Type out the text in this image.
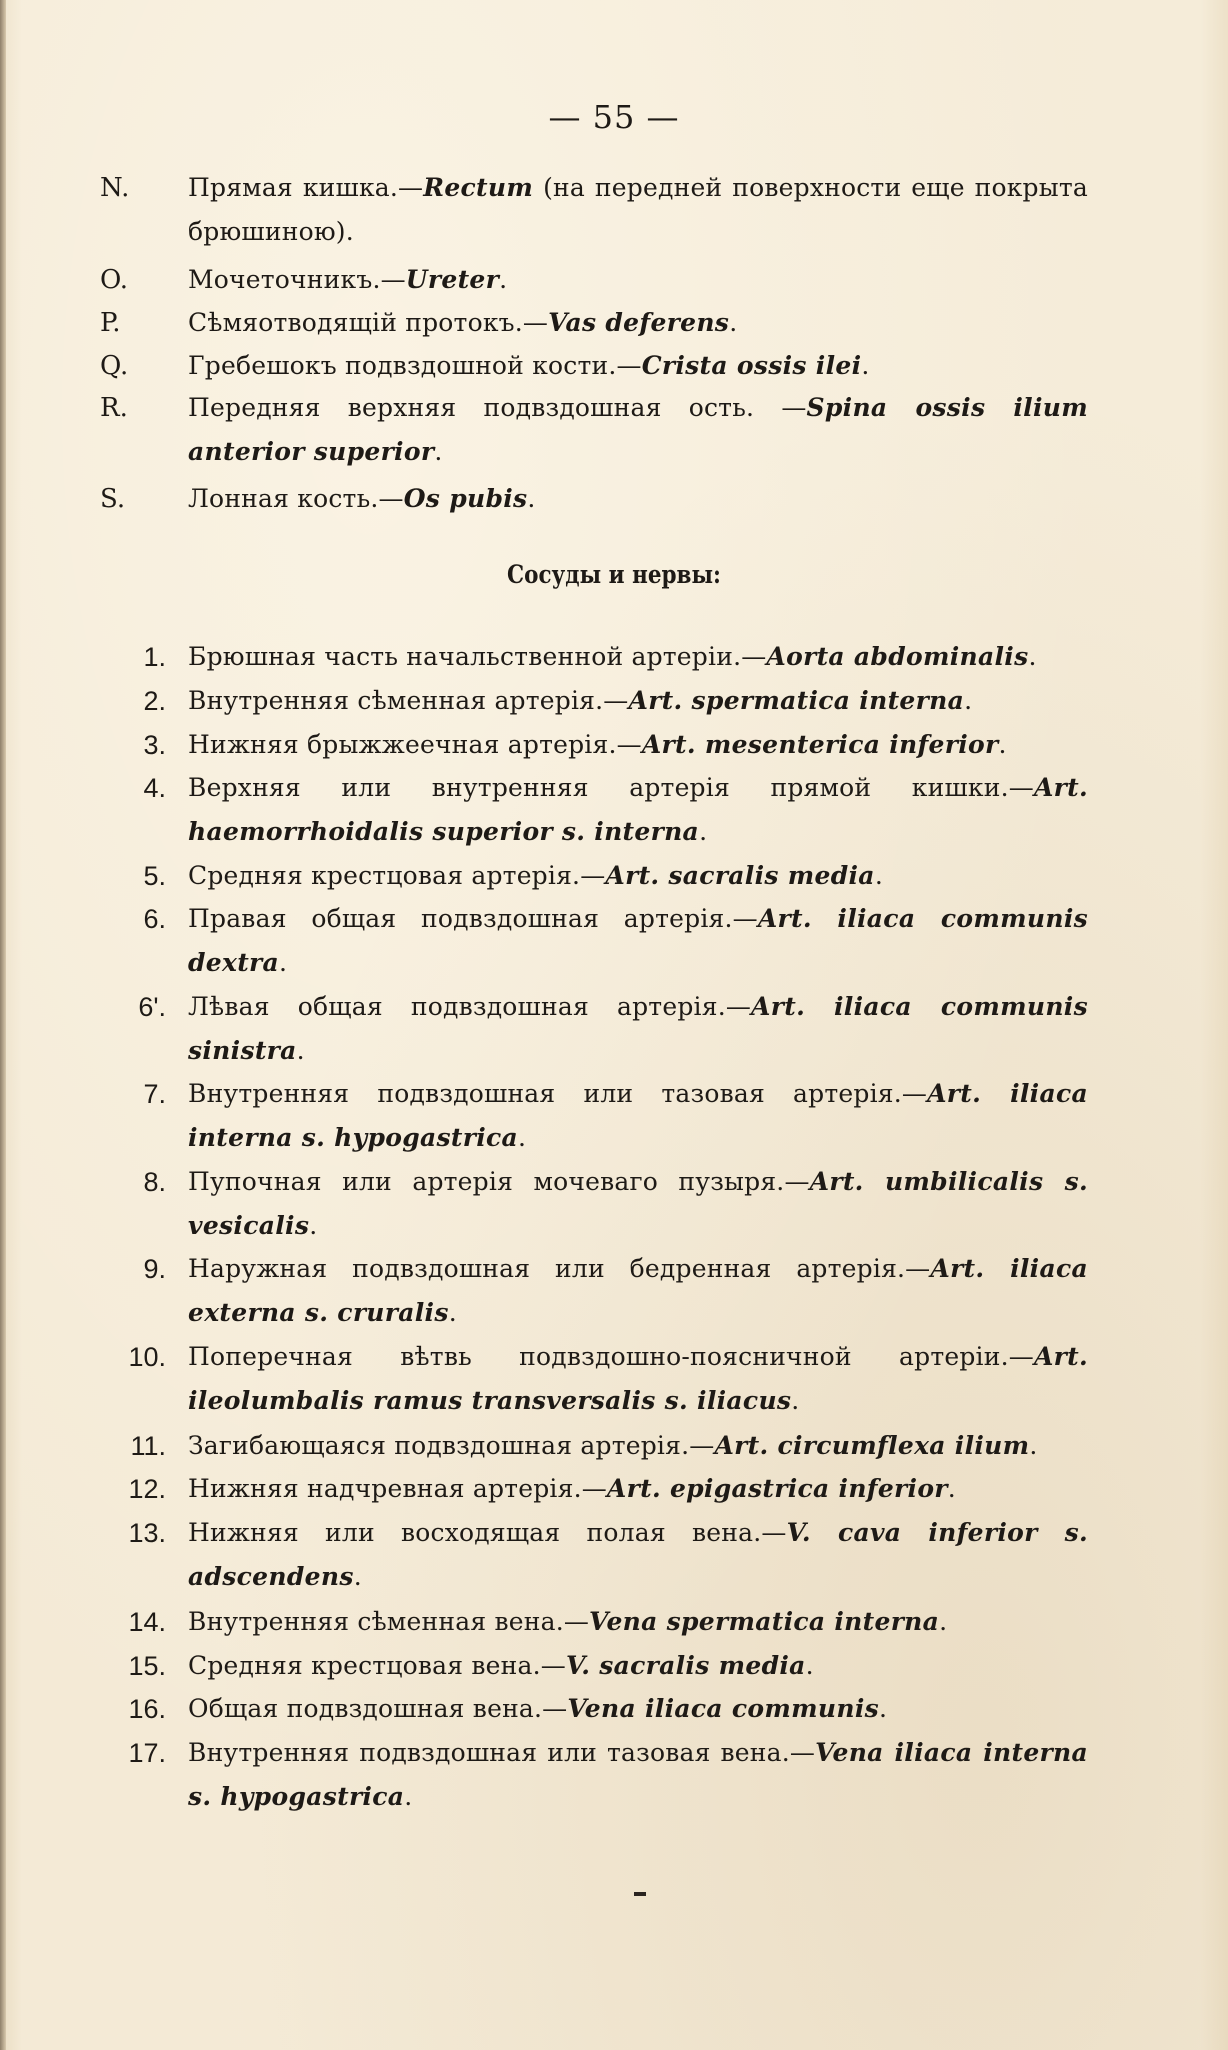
— 55 —
N.	Прямая кишка.—Rectum (на передней поверхности еще покрыта брюшиною).
O.	Мочеточникъ.—Ureter.
P.	Сѣмяотводящій протокъ.—Vas deferens.
Q.	Гребешокъ подвздошной кости.—Crista ossis ilei.
R.	Передняя верхняя подвздошная ость. —Spina ossis ilium anterior superior.
S.	Лонная кость.—Os pubis.
Сосуды и нервы:
1. Брюшная часть начальственной артеріи.—Aorta abdominalis.
2. Внутренняя сѣменная артерія.—Art. spermatica interna.
3. Нижняя брыжжеечная артерія.—Art. mesenterica inferior.
4. Верхняя или внутренняя артерія прямой кишки.—Art. haemorrhoidalis superior s. interna.
5. Средняя крестцовая артерія.—Art. sacralis media.
6. Правая общая подвздошная артерія.—Art. iliaca communis dextra.
6'. Лѣвая общая подвздошная артерія.—Art. iliaca communis sinistra.
7. Внутренняя подвздошная или тазовая артерія.—Art. iliaca interna s. hypogastrica.
8. Пупочная или артерія мочеваго пузыря.—Art. umbilicalis s. vesicalis.
9. Наружная подвздошная или бедренная артерія.—Art. iliaca externa s. cruralis.
10. Поперечная вѣтвь подвздошно-поясничной артеріи.—Art. ileolumbalis ramus transversalis s. iliacus.
11. Загибающаяся подвздошная артерія.—Art. circumflexa ilium.
12. Нижняя надчревная артерія.—Art. epigastrica inferior.
13. Нижняя или восходящая полая вена.—V. cava inferior s. adscendens.
14. Внутренняя сѣменная вена.—Vena spermatica interna.
15. Средняя крестцовая вена.—V. sacralis media.
16. Общая подвздошная вена.—Vena iliaca communis.
17. Внутренняя подвздошная или тазовая вена.—Vena iliaca interna s. hypogastrica.
